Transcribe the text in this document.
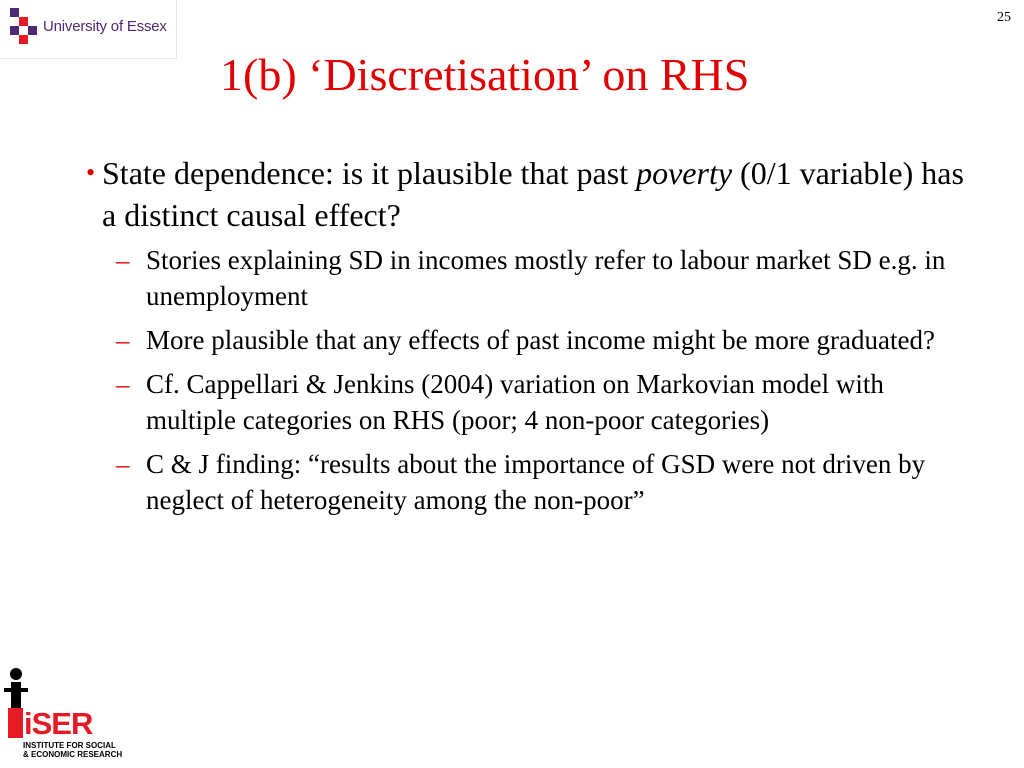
University of Essex
25
1(b) ‘Discretisation’ on RHS
• State dependence: is it plausible that past poverty (0/1 variable) has a distinct causal effect?
– Stories explaining SD in incomes mostly refer to labour market SD e.g. in unemployment
– More plausible that any effects of past income might be more graduated?
– Cf. Cappellari & Jenkins (2004) variation on Markovian model with multiple categories on RHS (poor; 4 non-poor categories)
– C & J finding: “results about the importance of GSD were not driven by neglect of heterogeneity among the non-poor”
iSER
INSTITUTE FOR SOCIAL
& ECONOMIC RESEARCH
